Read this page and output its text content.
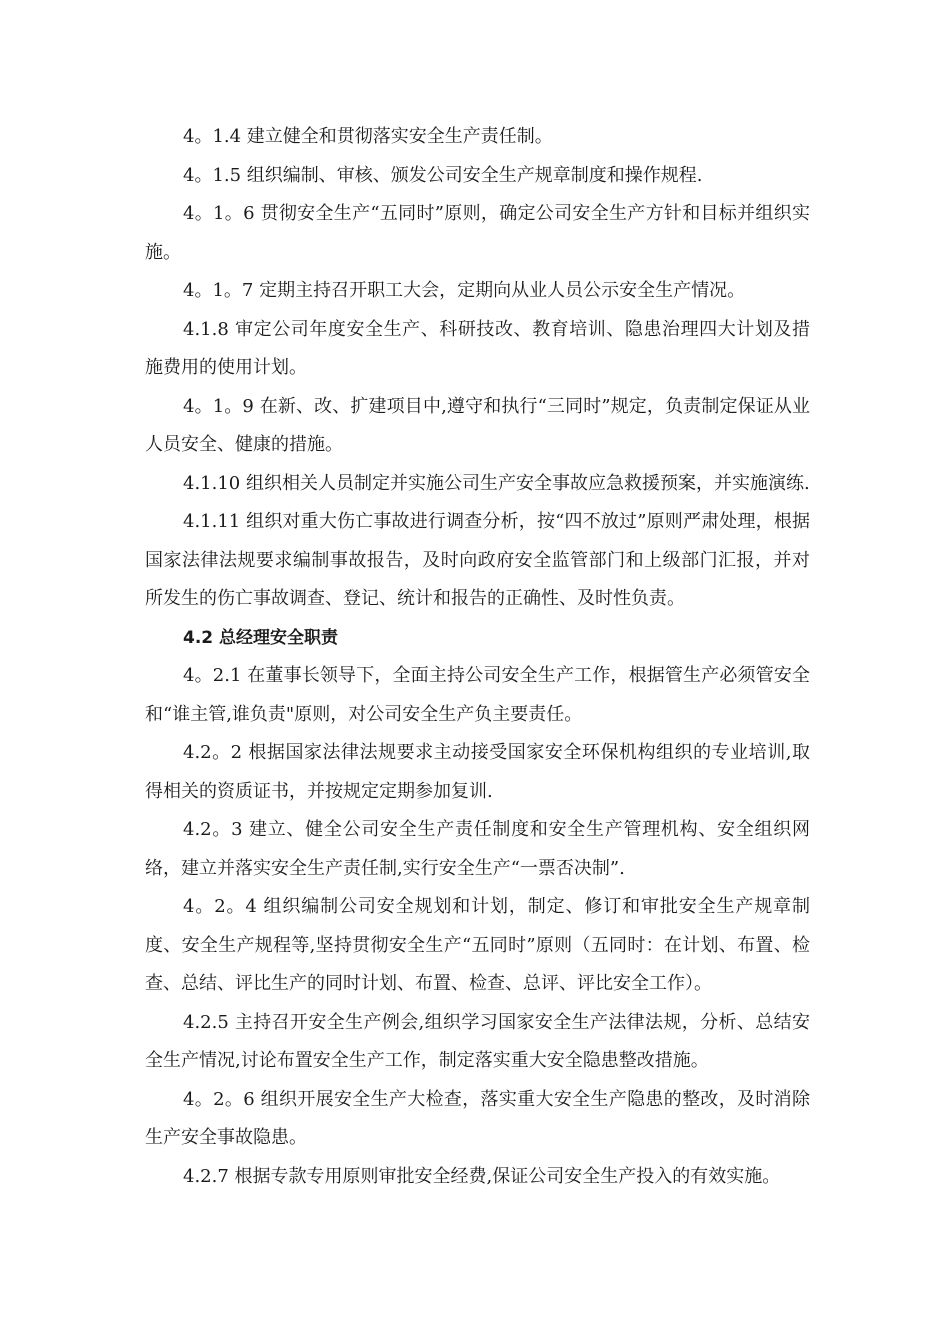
4。1.4 建立健全和贯彻落实安全生产责任制。

4。1.5 组织编制、审核、颁发公司安全生产规章制度和操作规程.

4。1。6 贯彻安全生产“五同时”原则，确定公司安全生产方针和目标并组织实施。

4。1。7 定期主持召开职工大会，定期向从业人员公示安全生产情况。

4.1.8 审定公司年度安全生产、科研技改、教育培训、隐患治理四大计划及措施费用的使用计划。

4。1。9 在新、改、扩建项目中,遵守和执行“三同时”规定，负责制定保证从业人员安全、健康的措施。

4.1.10 组织相关人员制定并实施公司生产安全事故应急救援预案，并实施演练.

4.1.11 组织对重大伤亡事故进行调查分析，按“四不放过”原则严肃处理，根据国家法律法规要求编制事故报告，及时向政府安全监管部门和上级部门汇报，并对所发生的伤亡事故调查、登记、统计和报告的正确性、及时性负责。

4.2 总经理安全职责

4。2.1 在董事长领导下，全面主持公司安全生产工作，根据管生产必须管安全和“谁主管,谁负责"原则，对公司安全生产负主要责任。

4.2。2 根据国家法律法规要求主动接受国家安全环保机构组织的专业培训,取得相关的资质证书，并按规定定期参加复训.

4.2。3 建立、健全公司安全生产责任制度和安全生产管理机构、安全组织网络，建立并落实安全生产责任制,实行安全生产“一票否决制”.

4。2。4 组织编制公司安全规划和计划，制定、修订和审批安全生产规章制度、安全生产规程等,坚持贯彻安全生产“五同时”原则（五同时：在计划、布置、检查、总结、评比生产的同时计划、布置、检查、总评、评比安全工作）。

4.2.5 主持召开安全生产例会,组织学习国家安全生产法律法规，分析、总结安全生产情况,讨论布置安全生产工作，制定落实重大安全隐患整改措施。

4。2。6 组织开展安全生产大检查，落实重大安全生产隐患的整改，及时消除生产安全事故隐患。

4.2.7 根据专款专用原则审批安全经费,保证公司安全生产投入的有效实施。
